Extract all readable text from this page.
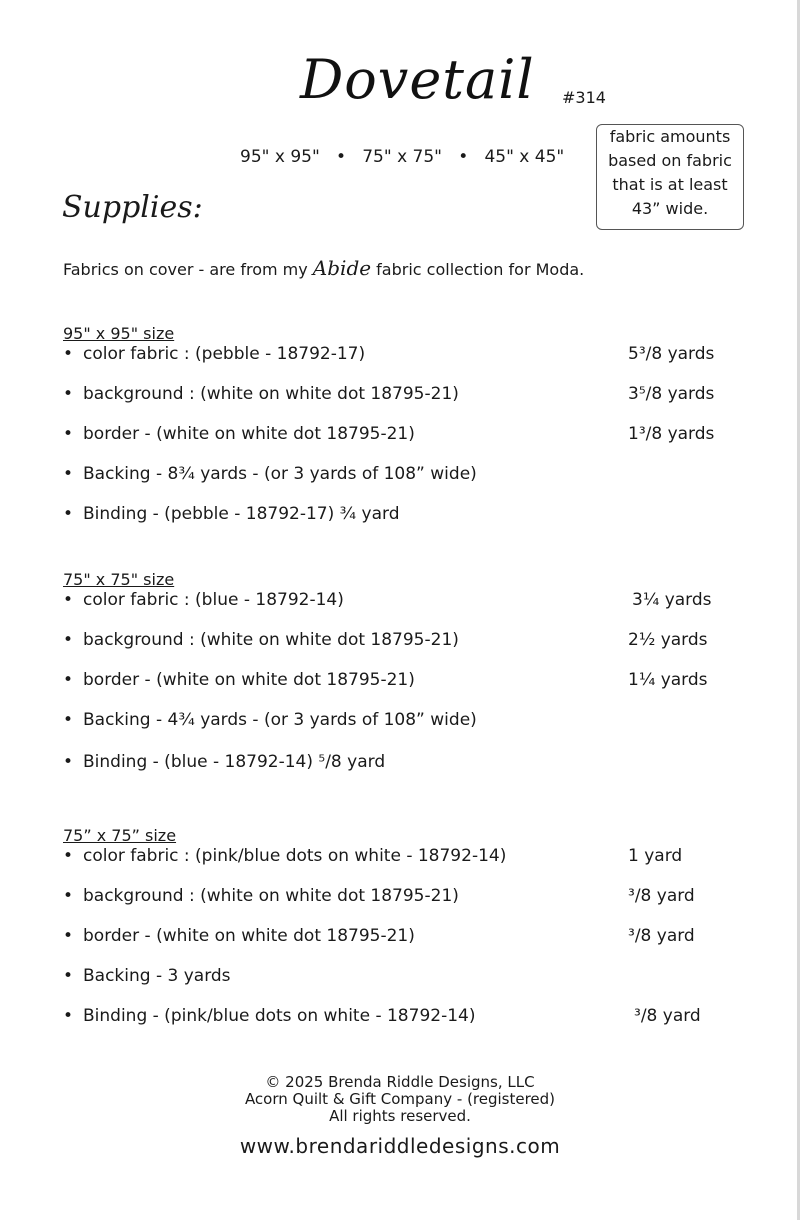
Dovetail #314
95" x 95"   •   75" x 75"   •   45" x 45"
fabric amounts
based on fabric
that is at least
43” wide.
Supplies:
Fabrics on cover - are from my Abide fabric collection for Moda.
95" x 95" size
• color fabric : (pebble - 18792-17)	5³/8 yards
• background : (white on white dot 18795-21)	3⁵/8 yards
• border - (white on white dot 18795-21)	1³/8 yards
• Backing - 8¾ yards - (or 3 yards of 108” wide)
• Binding - (pebble - 18792-17) ¾ yard
75" x 75" size
• color fabric : (blue - 18792-14)	3¼ yards
• background : (white on white dot 18795-21)	2½ yards
• border - (white on white dot 18795-21)	1¼ yards
• Backing - 4¾ yards - (or 3 yards of 108” wide)
• Binding - (blue - 18792-14) ⁵/8 yard
75” x 75” size
• color fabric : (pink/blue dots on white - 18792-14)	1 yard
• background : (white on white dot 18795-21)	³/8 yard
• border - (white on white dot 18795-21)	³/8 yard
• Backing - 3 yards
• Binding - (pink/blue dots on white - 18792-14)	³/8 yard
© 2025 Brenda Riddle Designs, LLC
Acorn Quilt & Gift Company - (registered)
All rights reserved.
www.brendariddledesigns.com
